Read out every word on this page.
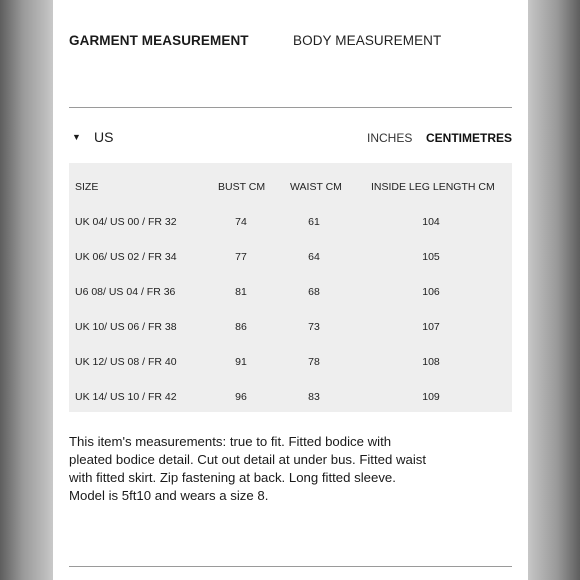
GARMENT MEASUREMENT	BODY MEASUREMENT
▼ US	INCHES CENTIMETRES
SIZE	BUST CM WAIST CM	INSIDE LEG LENGTH CM
UK 04/ US 00 / FR 32	74	61	104
UK 06/ US 02 / FR 34	77	64	105
U6 08/ US 04 / FR 36	81	68	106
UK 10/ US 06 / FR 38	86	73	107
UK 12/ US 08 / FR 40	91	78	108
UK 14/ US 10 / FR 42	96	83	109
This item's measurements: true to fit. Fitted bodice with
pleated bodice detail. Cut out detail at under bus. Fitted waist
with fitted skirt. Zip fastening at back. Long fitted sleeve.
Model is 5ft10 and wears a size 8.
